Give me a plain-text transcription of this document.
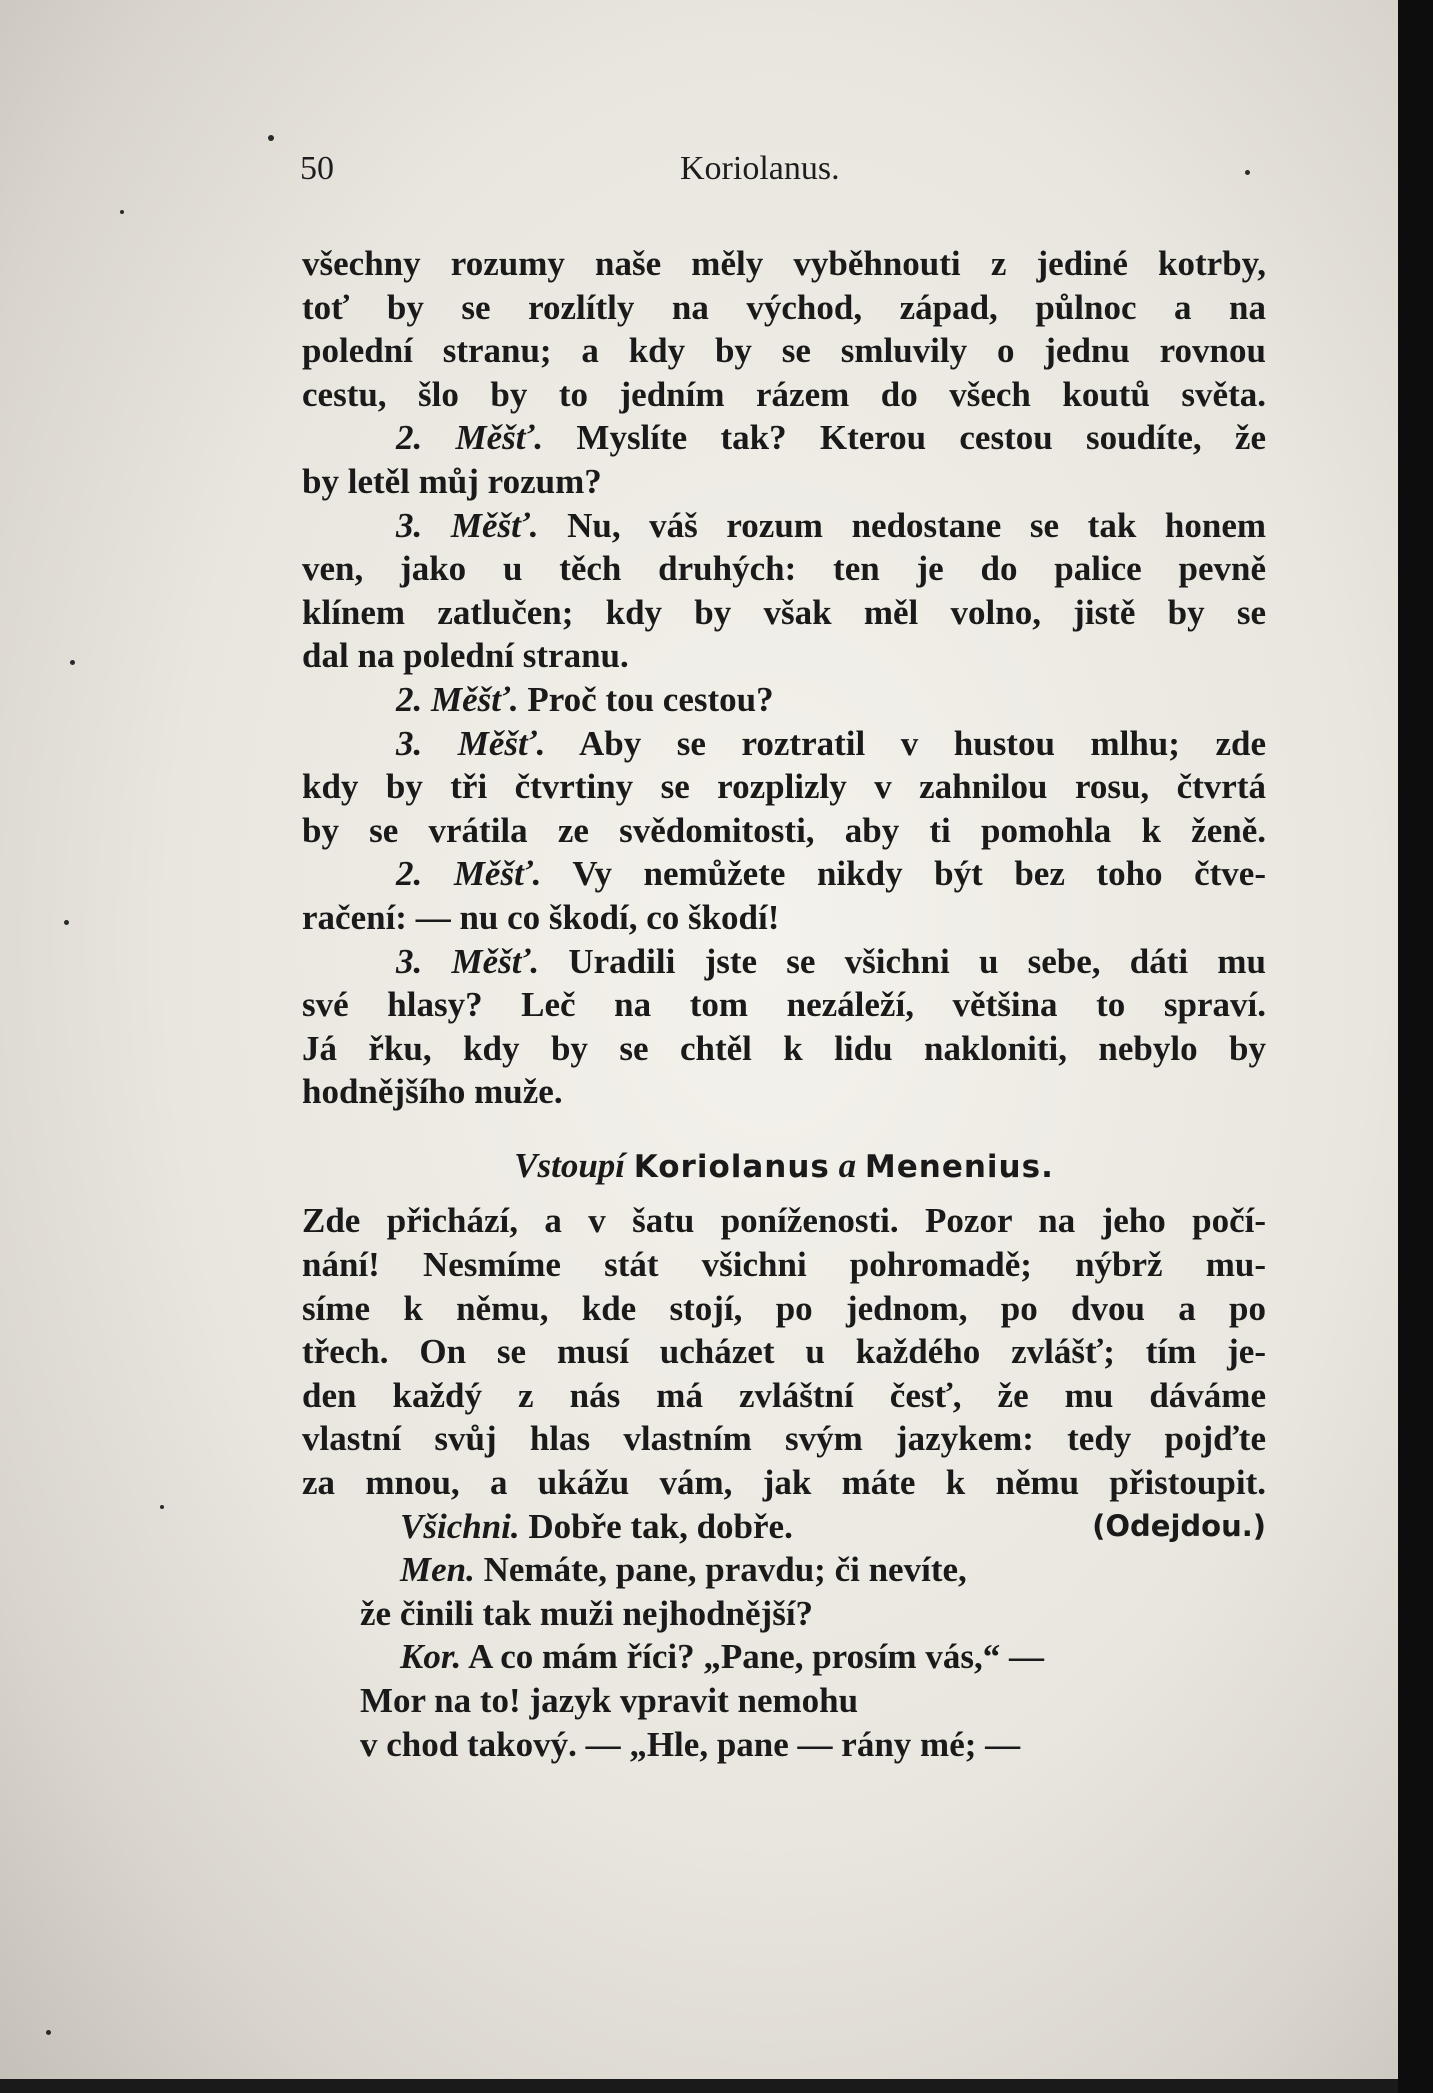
50	Koriolanus.
všechny rozumy naše měly vyběhnouti z jediné kotrby,
toť by se rozlítly na východ, západ, půlnoc a na
polední stranu; a kdy by se smluvily o jednu rovnou
cestu, šlo by to jedním rázem do všech koutů světa.
2. Měšť. Myslíte tak? Kterou cestou soudíte, že
by letěl můj rozum?
3. Měšť. Nu, váš rozum nedostane se tak honem
ven, jako u těch druhých: ten je do palice pevně
klínem zatlučen; kdy by však měl volno, jistě by se
dal na polední stranu.
2. Měšť. Proč tou cestou?
3. Měšť. Aby se roztratil v hustou mlhu; zde
kdy by tři čtvrtiny se rozplizly v zahnilou rosu, čtvrtá
by se vrátila ze svědomitosti, aby ti pomohla k ženě.
2. Měšť. Vy nemůžete nikdy být bez toho čtve-
račení: — nu co škodí, co škodí!
3. Měšť. Uradili jste se všichni u sebe, dáti mu
své hlasy? Leč na tom nezáleží, většina to spraví.
Já řku, kdy by se chtěl k lidu nakloniti, nebylo by
hodnějšího muže.
Vstoupí Koriolanus a Menenius.
Zde přichází, a v šatu poníženosti. Pozor na jeho počí-
nání! Nesmíme stát všichni pohromadě; nýbrž mu-
síme k němu, kde stojí, po jednom, po dvou a po
třech. On se musí ucházet u každého zvlášť; tím je-
den každý z nás má zvláštní česť, že mu dáváme
vlastní svůj hlas vlastním svým jazykem: tedy pojďte
za mnou, a ukážu vám, jak máte k němu přistoupit.
Všichni. Dobře tak, dobře.	(Odejdou.)
Men. Nemáte, pane, pravdu; či nevíte,
že činili tak muži nejhodnější?
Kor. A co mám říci? „Pane, prosím vás,“ —
Mor na to! jazyk vpravit nemohu
v chod takový. — „Hle, pane — rány mé; —
